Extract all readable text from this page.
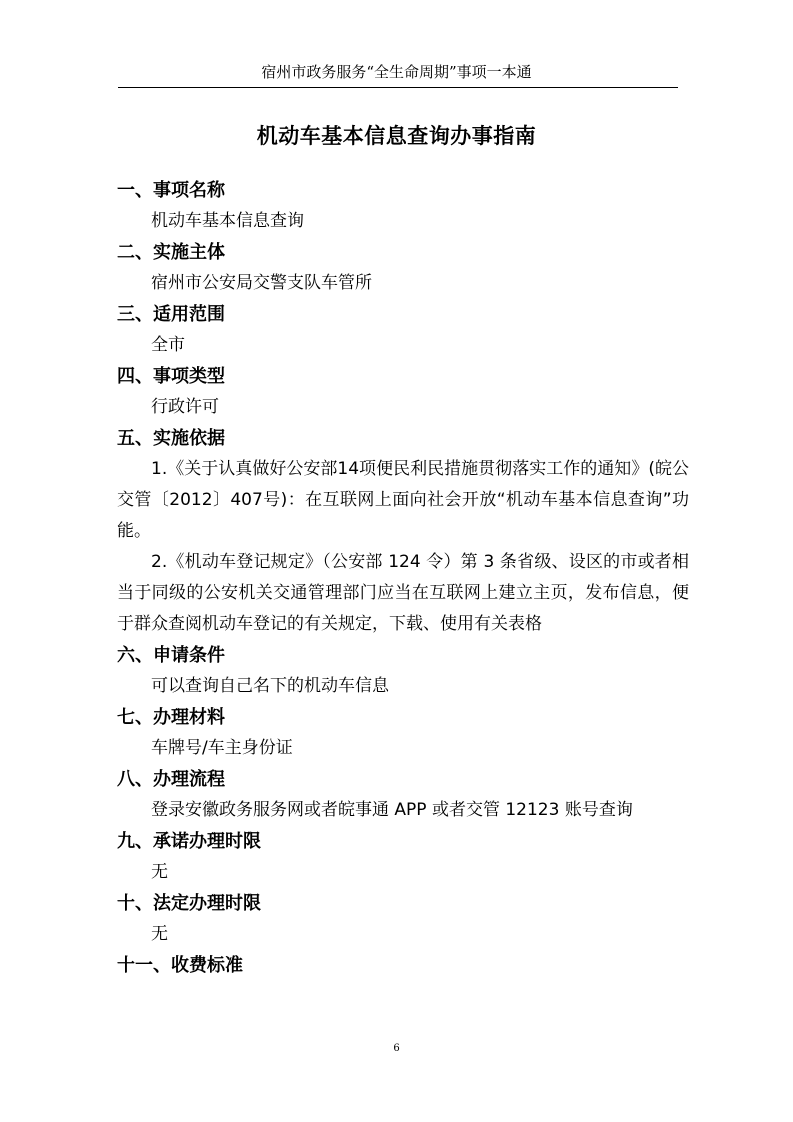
宿州市政务服务“全生命周期”事项一本通
机动车基本信息查询办事指南

一、事项名称

机动车基本信息查询

二、实施主体

宿州市公安局交警支队车管所

三、适用范围

全市

四、事项类型

行政许可

五、实施依据

1.《关于认真做好公安部14项便民利民措施贯彻落实工作的通知》(皖公交管〔2012〕407号)：在互联网上面向社会开放“机动车基本信息查询”功能。

2.《机动车登记规定》（公安部 124 令）第 3 条省级、设区的市或者相当于同级的公安机关交通管理部门应当在互联网上建立主页，发布信息，便于群众查阅机动车登记的有关规定，下载、使用有关表格

六、申请条件

可以查询自己名下的机动车信息

七、办理材料

车牌号/车主身份证

八、办理流程

登录安徽政务服务网或者皖事通 APP 或者交管 12123 账号查询

九、承诺办理时限

无

十、法定办理时限

无

十一、收费标准

6
